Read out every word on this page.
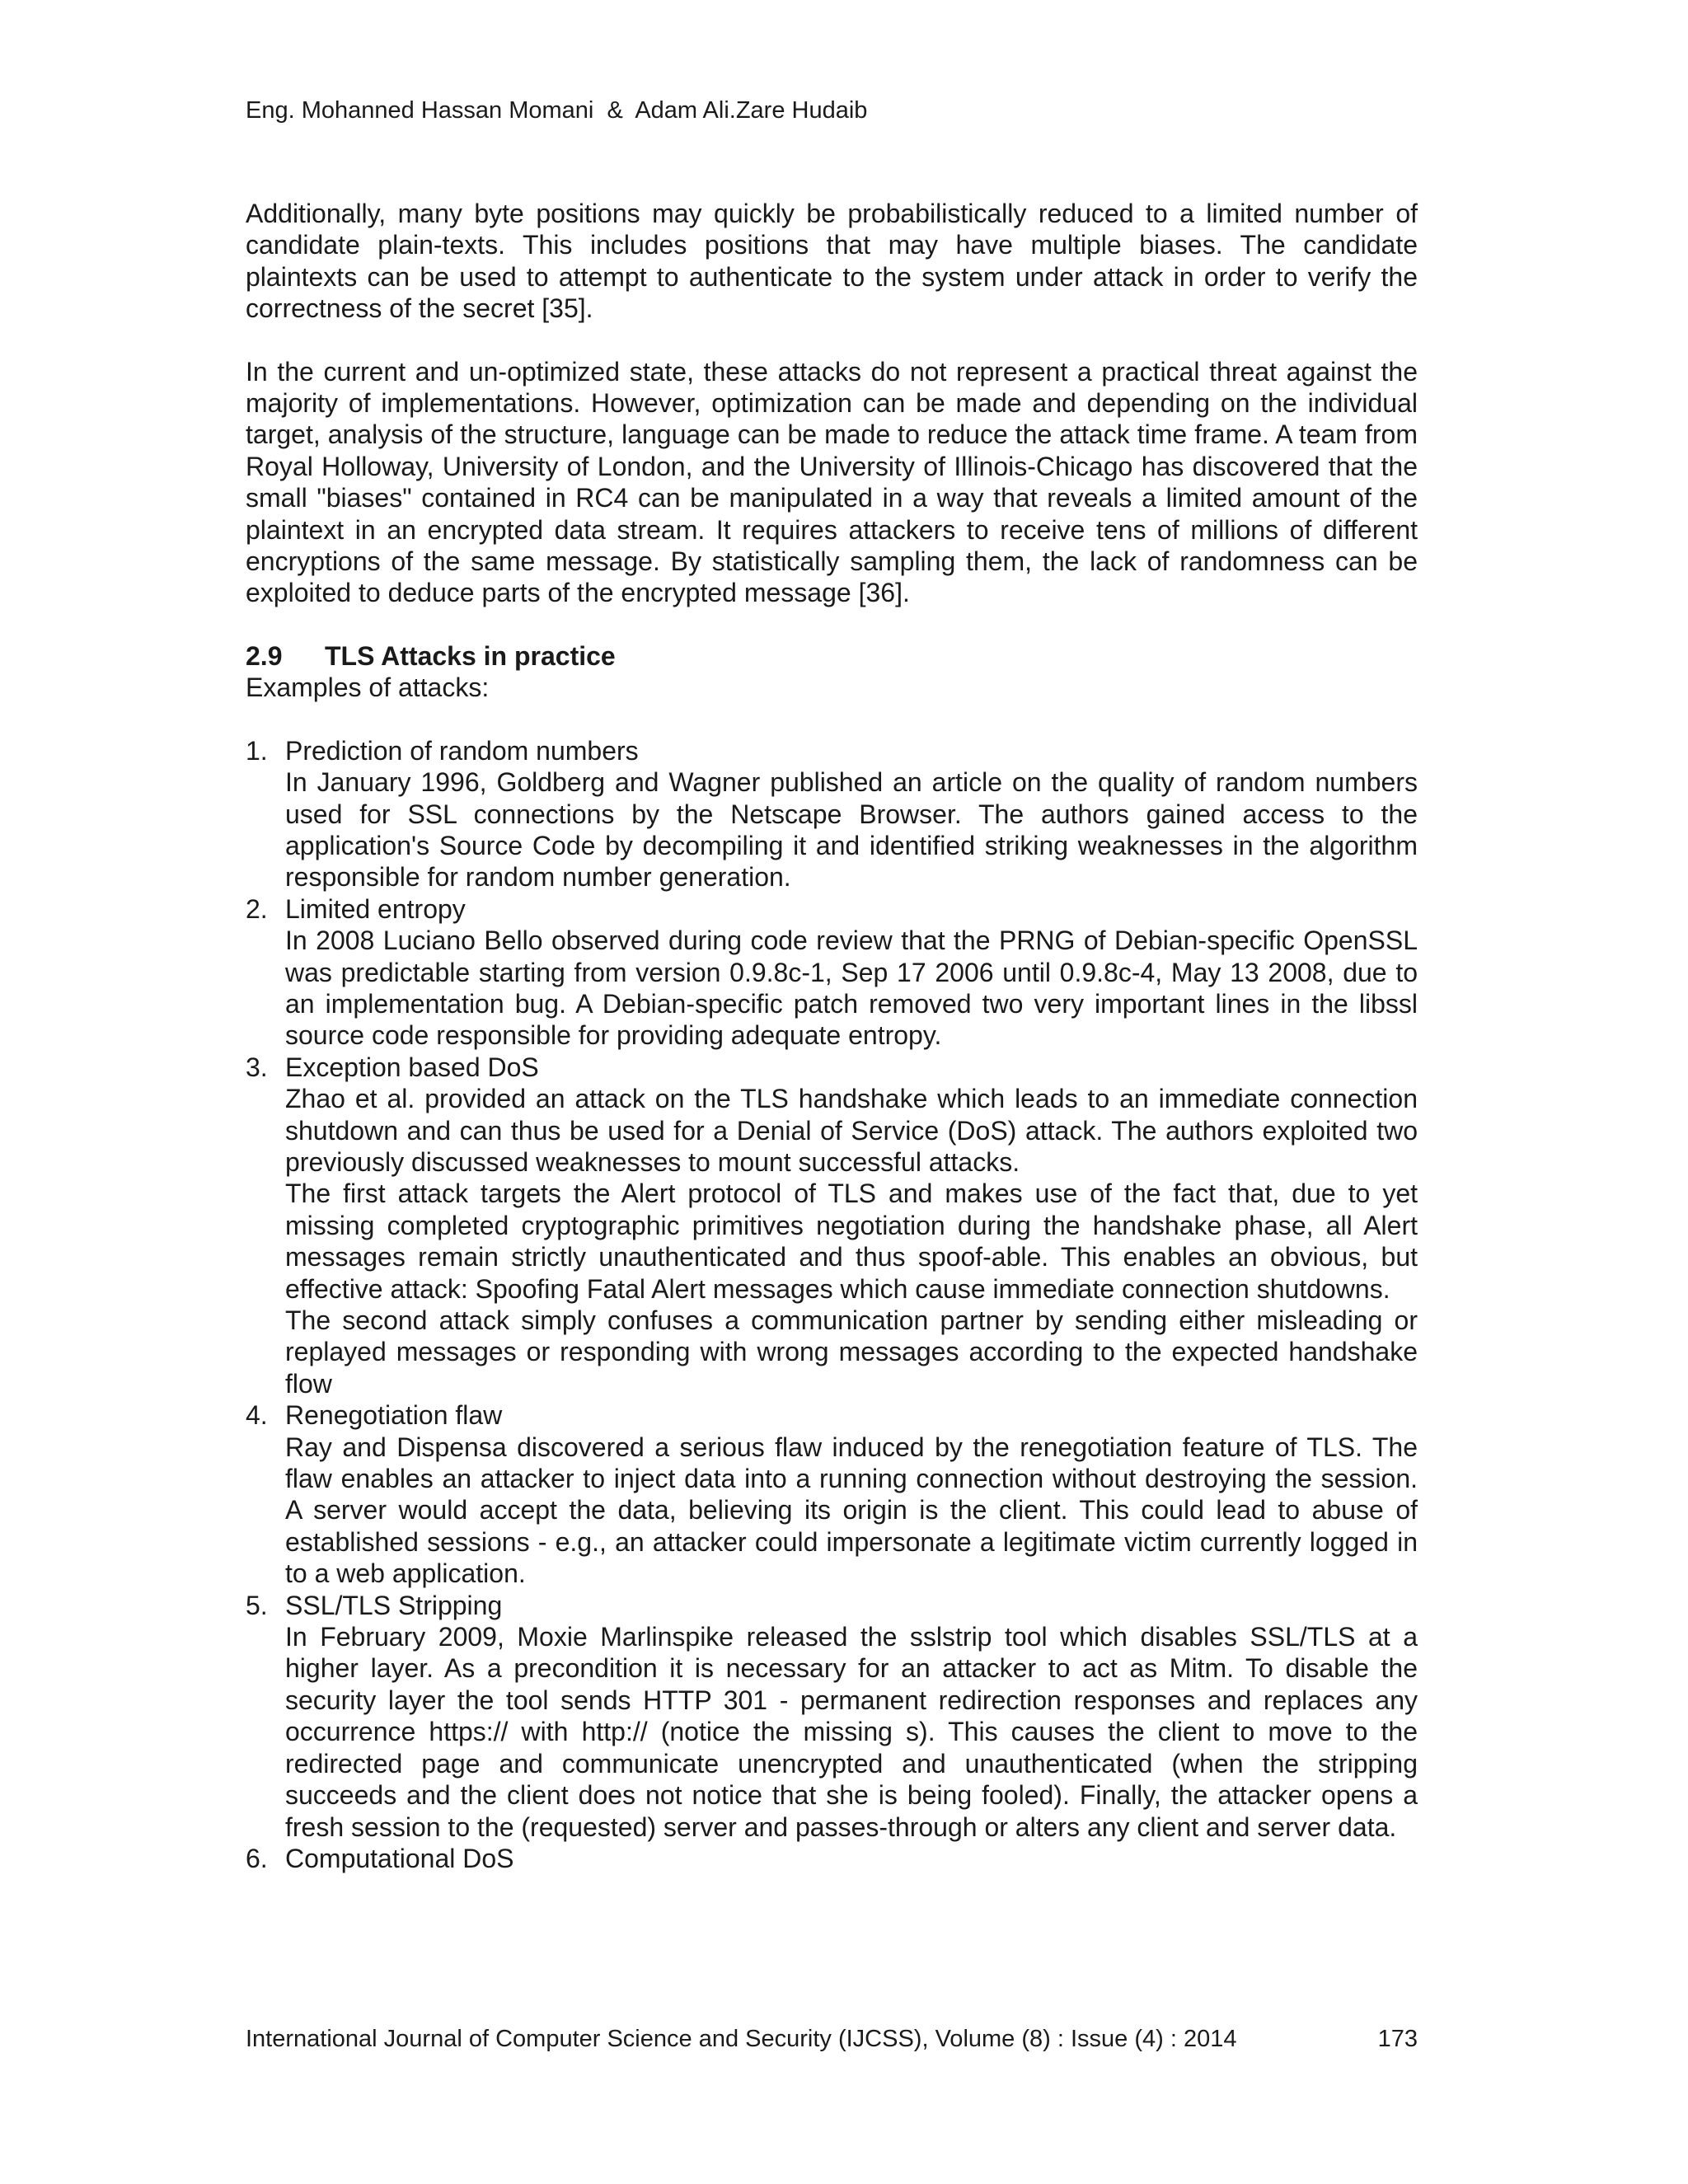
Eng. Mohanned Hassan Momani  &  Adam Ali.Zare Hudaib

Additionally, many byte positions may quickly be probabilistically reduced to a limited number of candidate plain-texts. This includes positions that may have multiple biases. The candidate plaintexts can be used to attempt to authenticate to the system under attack in order to verify the correctness of the secret [35].

In the current and un-optimized state, these attacks do not represent a practical threat against the majority of implementations. However, optimization can be made and depending on the individual target, analysis of the structure, language can be made to reduce the attack time frame. A team from Royal Holloway, University of London, and the University of Illinois-Chicago has discovered that the small "biases" contained in RC4 can be manipulated in a way that reveals a limited amount of the plaintext in an encrypted data stream. It requires attackers to receive tens of millions of different encryptions of the same message. By statistically sampling them, the lack of randomness can be exploited to deduce parts of the encrypted message [36].

2.9 TLS Attacks in practice

Examples of attacks:

1. Prediction of random numbers

In January 1996, Goldberg and Wagner published an article on the quality of random numbers used for SSL connections by the Netscape Browser. The authors gained access to the application's Source Code by decompiling it and identified striking weaknesses in the algorithm responsible for random number generation.

2. Limited entropy

In 2008 Luciano Bello observed during code review that the PRNG of Debian-specific OpenSSL was predictable starting from version 0.9.8c-1, Sep 17 2006 until 0.9.8c-4, May 13 2008, due to an implementation bug. A Debian-specific patch removed two very important lines in the libssl source code responsible for providing adequate entropy.

3. Exception based DoS

Zhao et al. provided an attack on the TLS handshake which leads to an immediate connection shutdown and can thus be used for a Denial of Service (DoS) attack. The authors exploited two previously discussed weaknesses to mount successful attacks.

The first attack targets the Alert protocol of TLS and makes use of the fact that, due to yet missing completed cryptographic primitives negotiation during the handshake phase, all Alert messages remain strictly unauthenticated and thus spoof-able. This enables an obvious, but effective attack: Spoofing Fatal Alert messages which cause immediate connection shutdowns.

The second attack simply confuses a communication partner by sending either misleading or replayed messages or responding with wrong messages according to the expected handshake flow

4. Renegotiation flaw

Ray and Dispensa discovered a serious flaw induced by the renegotiation feature of TLS. The flaw enables an attacker to inject data into a running connection without destroying the session. A server would accept the data, believing its origin is the client. This could lead to abuse of established sessions - e.g., an attacker could impersonate a legitimate victim currently logged in to a web application.

5. SSL/TLS Stripping

In February 2009, Moxie Marlinspike released the sslstrip tool which disables SSL/TLS at a higher layer. As a precondition it is necessary for an attacker to act as Mitm. To disable the security layer the tool sends HTTP 301 - permanent redirection responses and replaces any occurrence https:// with http:// (notice the missing s). This causes the client to move to the redirected page and communicate unencrypted and unauthenticated (when the stripping succeeds and the client does not notice that she is being fooled). Finally, the attacker opens a fresh session to the (requested) server and passes-through or alters any client and server data.

6. Computational DoS
International Journal of Computer Science and Security (IJCSS), Volume (8) : Issue (4) : 2014	173
